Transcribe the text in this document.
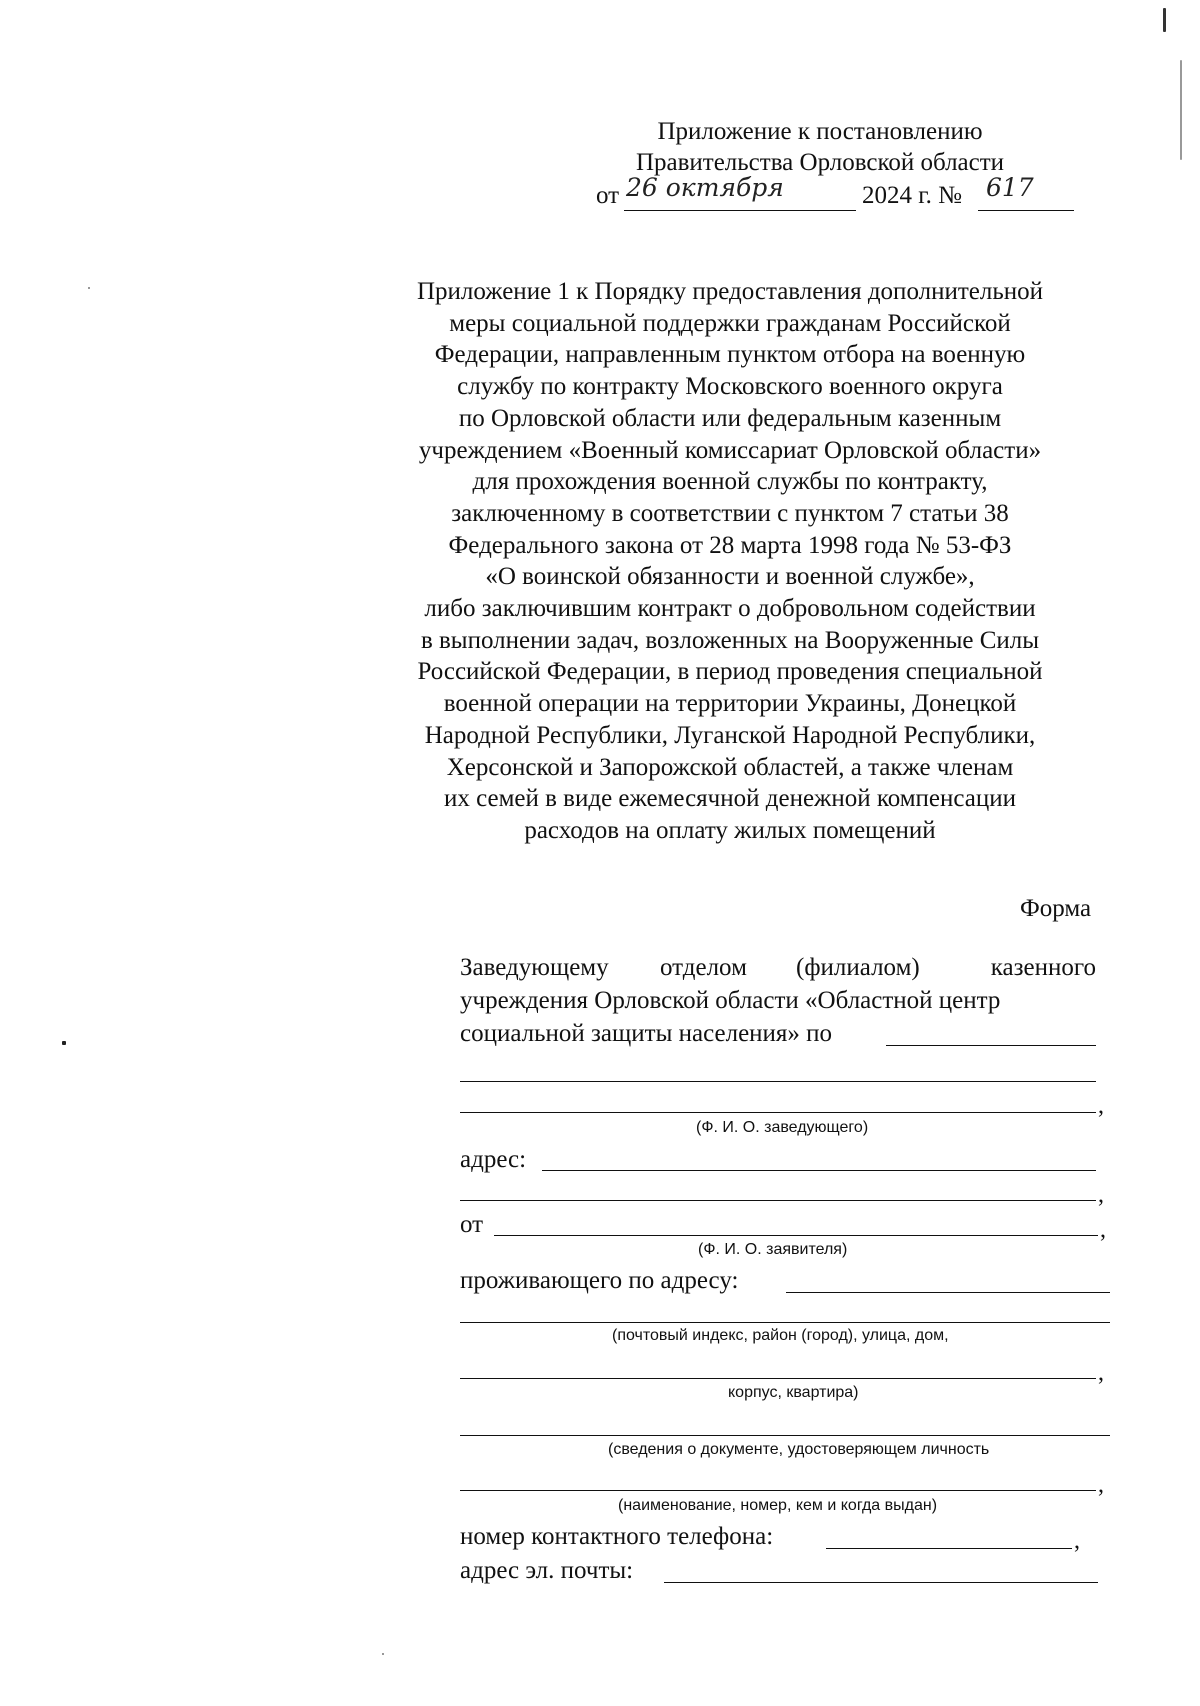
Приложение к постановлению
Правительства Орловской области
от 26 октября	2024 г. № 617
Приложение 1 к Порядку предоставления дополнительной
меры социальной поддержки гражданам Российской
Федерации, направленным пунктом отбора на военную
службу по контракту Московского военного округа
по Орловской области или федеральным казенным
учреждением «Военный комиссариат Орловской области»
для прохождения военной службы по контракту,
заключенному в соответствии с пунктом 7 статьи 38
Федерального закона от 28 марта 1998 года № 53-ФЗ
«О воинской обязанности и военной службе»,
либо заключившим контракт о добровольном содействии
в выполнении задач, возложенных на Вооруженные Силы
Российской Федерации, в период проведения специальной
военной операции на территории Украины, Донецкой
Народной Республики, Луганской Народной Республики,
Херсонской и Запорожской областей, а также членам
их семей в виде ежемесячной денежной компенсации
расходов на оплату жилых помещений
Форма
Заведующему отделом (филиалом)	казенного
учреждения Орловской области «Областной центр
социальной защиты населения» по
,
(Ф. И. О. заведующего)
адрес:
,
от	,
(Ф. И. О. заявителя)
проживающего по адресу:
(почтовый индекс, район (город), улица, дом,
,
корпус, квартира)
(сведения о документе, удостоверяющем личность
,
(наименование, номер, кем и когда выдан)
номер контактного телефона:	,
адрес эл. почты:
